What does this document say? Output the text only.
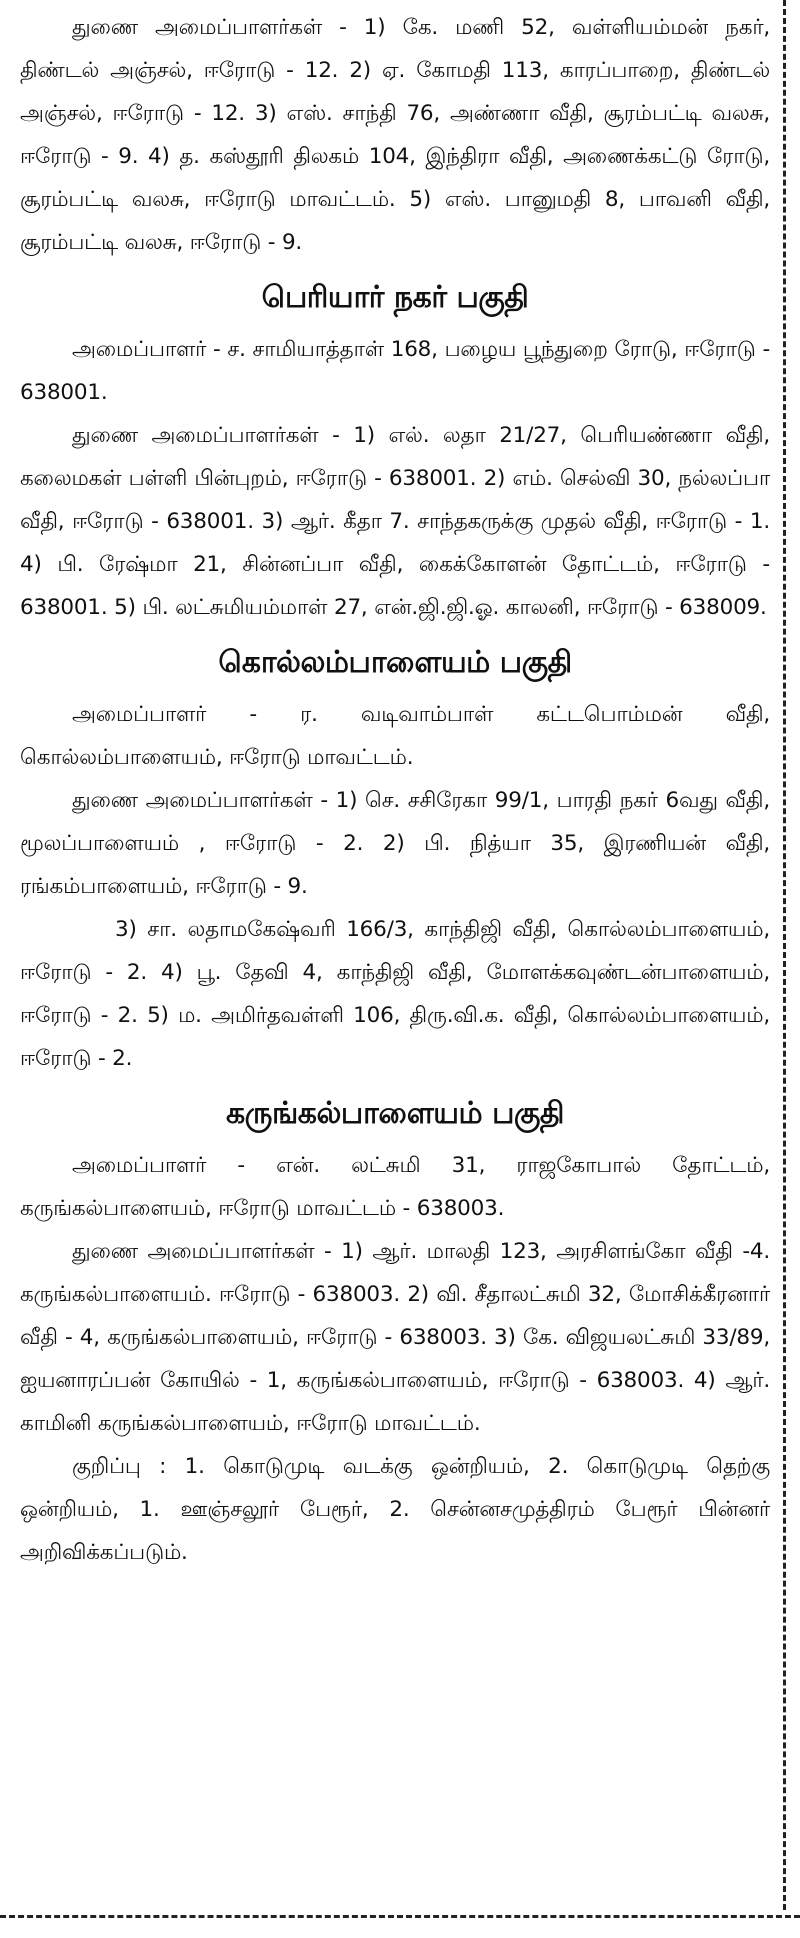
துணை அமைப்பாளர்கள் - 1) கே. மணி 52, வள்ளியம்மன் நகர், திண்டல் அஞ்சல், ஈரோடு - 12. 2) ஏ. கோமதி 113, காரப்பாறை, திண்டல் அஞ்சல், ஈரோடு - 12. 3) எஸ். சாந்தி 76, அண்ணா வீதி, சூரம்பட்டி வலசு, ஈரோடு - 9. 4) த. கஸ்தூரி திலகம் 104, இந்திரா வீதி, அணைக்கட்டு ரோடு, சூரம்பட்டி வலசு, ஈரோடு மாவட்டம். 5) எஸ். பானுமதி 8, பாவனி வீதி, சூரம்பட்டி வலசு, ஈரோடு - 9.

பெரியார் நகர் பகுதி

அமைப்பாளர் - ச. சாமியாத்தாள் 168, பழைய பூந்துறை ரோடு, ஈரோடு - 638001.

துணை அமைப்பாளர்கள் - 1) எல். லதா 21/27, பெரியண்ணா வீதி, கலைமகள் பள்ளி பின்புறம், ஈரோடு - 638001. 2) எம். செல்வி 30, நல்லப்பா வீதி, ஈரோடு - 638001. 3) ஆர். கீதா 7. சாந்தகருக்கு முதல் வீதி, ஈரோடு - 1. 4) பி. ரேஷ்மா 21, சின்னப்பா வீதி, கைக்கோளன் தோட்டம், ஈரோடு - 638001. 5) பி. லட்சுமியம்மாள் 27, என்.ஜி.ஜி.ஓ. காலனி, ஈரோடு - 638009.

கொல்லம்பாளையம் பகுதி

அமைப்பாளர் - ர. வடிவாம்பாள் கட்டபொம்மன் வீதி, கொல்லம்பாளையம், ஈரோடு மாவட்டம்.

துணை அமைப்பாளர்கள் - 1) செ. சசிரேகா 99/1, பாரதி நகர் 6வது வீதி, மூலப்பாளையம் , ஈரோடு - 2. 2) பி. நித்யா 35, இரணியன் வீதி, ரங்கம்பாளையம், ஈரோடு - 9.

3) சா. லதாமகேஷ்வரி 166/3, காந்திஜி வீதி, கொல்லம்பாளையம், ஈரோடு - 2. 4) பூ. தேவி 4, காந்திஜி வீதி, மோளக்கவுண்டன்பாளையம், ஈரோடு - 2. 5) ம. அமிர்தவள்ளி 106, திரு.வி.க. வீதி, கொல்லம்பாளையம், ஈரோடு - 2.

கருங்கல்பாளையம் பகுதி

அமைப்பாளர் - என். லட்சுமி 31, ராஜகோபால் தோட்டம், கருங்கல்பாளையம், ஈரோடு மாவட்டம் - 638003.

துணை அமைப்பாளர்கள் - 1) ஆர். மாலதி 123, அரசிளங்கோ வீதி -4. கருங்கல்பாளையம். ஈரோடு - 638003. 2) வி. சீதாலட்சுமி 32, மோசிக்கீரனார் வீதி - 4, கருங்கல்பாளையம், ஈரோடு - 638003. 3) கே. விஜயலட்சுமி 33/89, ஐயனாரப்பன் கோயில் - 1, கருங்கல்பாளையம், ஈரோடு - 638003. 4) ஆர். காமினி கருங்கல்பாளையம், ஈரோடு மாவட்டம்.

குறிப்பு : 1. கொடுமுடி வடக்கு ஒன்றியம், 2. கொடுமுடி தெற்கு ஒன்றியம், 1. ஊஞ்சலூர் பேரூர், 2. சென்னசமுத்திரம் பேரூர் பின்னர் அறிவிக்கப்படும்.
